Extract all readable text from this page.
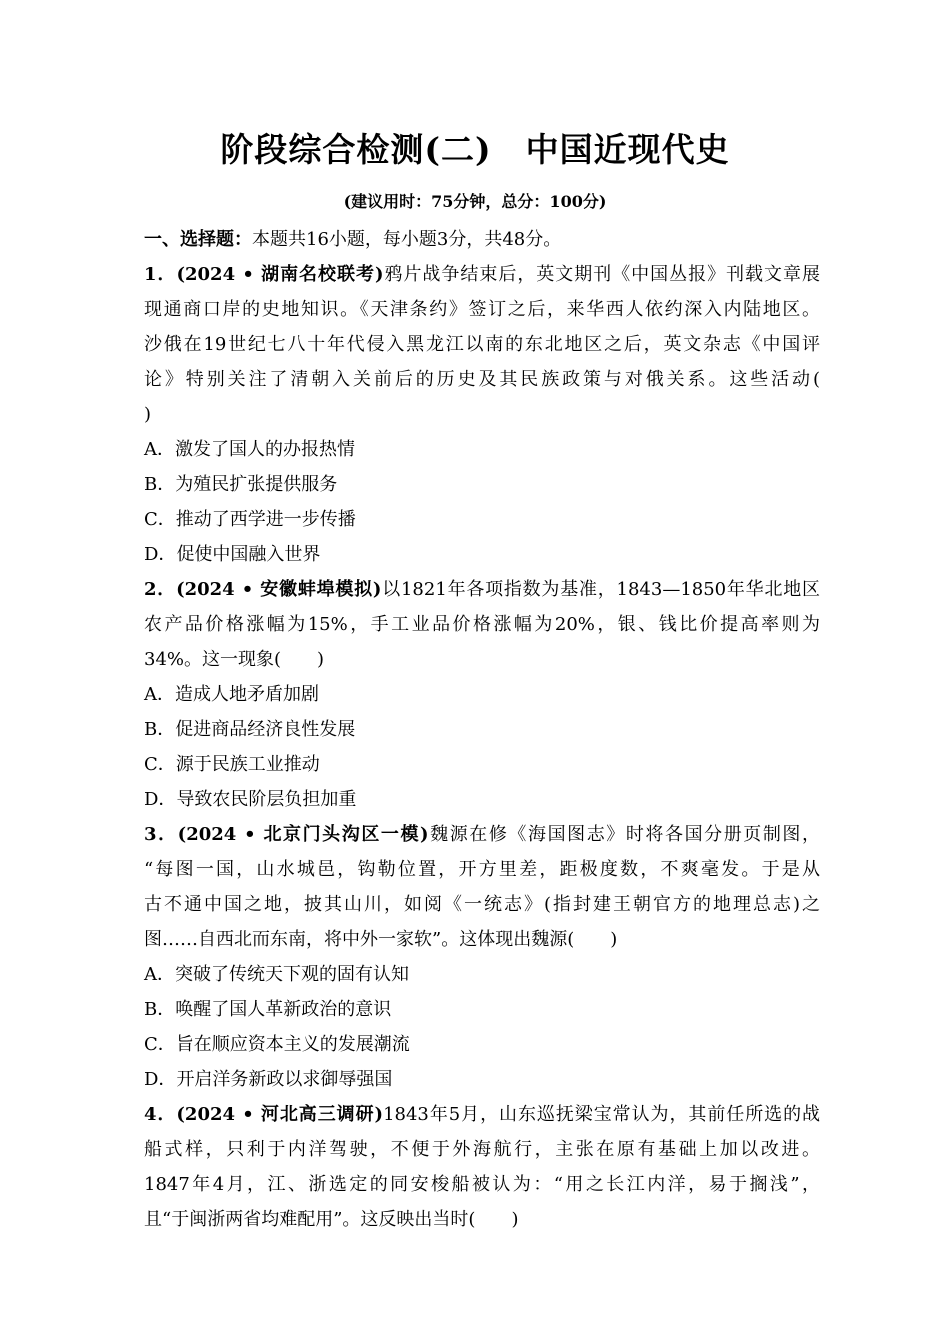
阶段综合检测(二) 中国近现代史
(建议用时：75分钟，总分：100分)
一、选择题：本题共16小题，每小题3分，共48分。
1．(2024 • 湖南名校联考)鸦片战争结束后，英文期刊《中国丛报》刊载文章展
现通商口岸的史地知识。《天津条约》签订之后，来华西人依约深入内陆地区。
沙俄在19世纪七八十年代侵入黑龙江以南的东北地区之后，英文杂志《中国评
论》特别关注了清朝入关前后的历史及其民族政策与对俄关系。这些活动(
)
A．激发了国人的办报热情
B．为殖民扩张提供服务
C．推动了西学进一步传播
D．促使中国融入世界
2．(2024 • 安徽蚌埠模拟)以1821年各项指数为基准，1843—1850年华北地区
农产品价格涨幅为15%，手工业品价格涨幅为20%，银、钱比价提高率则为
34%。这一现象( )
A．造成人地矛盾加剧
B．促进商品经济良性发展
C．源于民族工业推动
D．导致农民阶层负担加重
3．(2024 • 北京门头沟区一模)魏源在修《海国图志》时将各国分册页制图，
“每图一国，山水城邑，钩勒位置，开方里差，距极度数，不爽毫发。于是从
古不通中国之地，披其山川，如阅《一统志》(指封建王朝官方的地理总志)之
图……自西北而东南，将中外一家软”。这体现出魏源( )
A．突破了传统天下观的固有认知
B．唤醒了国人革新政治的意识
C．旨在顺应资本主义的发展潮流
D．开启洋务新政以求御辱强国
4．(2024 • 河北高三调研)1843年5月，山东巡抚梁宝常认为，其前任所选的战
船式样，只利于内洋驾驶，不便于外海航行，主张在原有基础上加以改进。
1847年4月，江、浙选定的同安梭船被认为：“用之长江内洋，易于搁浅”，
且“于闽浙两省均难配用”。这反映出当时( )
